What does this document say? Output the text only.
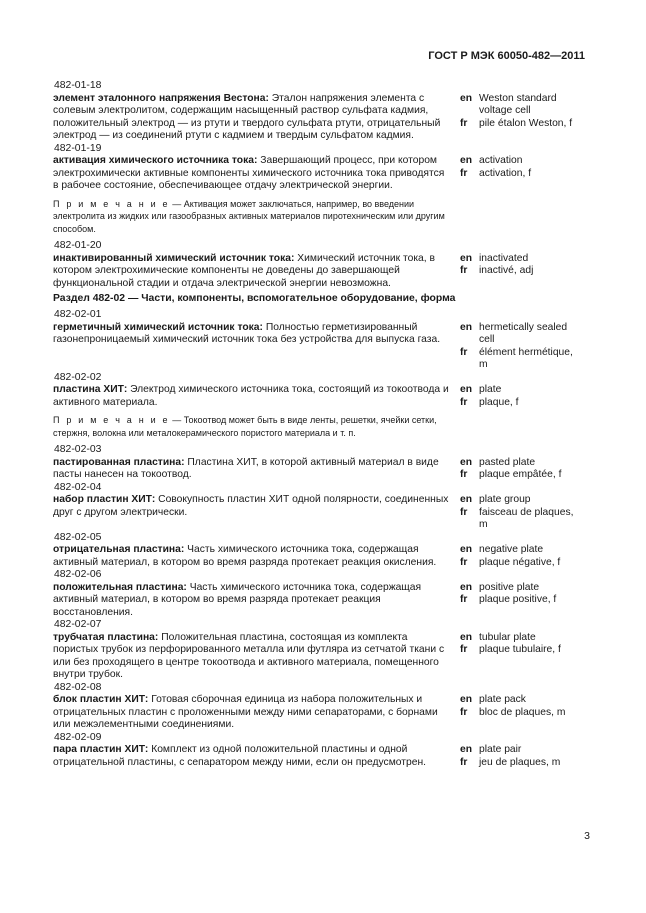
ГОСТ Р МЭК 60050-482—2011
482-01-18
элемент эталонного напряжения Вестона: Эталон напряжения элемента с солевым электролитом, содержащим насыщенный раствор сульфата кадмия, положительный электрод — из ртути и твердого сульфата ртути, отрицательный электрод — из соединений ртути с кадмием и твердым сульфатом кадмия.
en Weston standard voltage cell
fr	pile étalon Weston, f
482-01-19
активация химического источника тока: Завершающий процесс, при котором электрохимически активные компоненты химического источника тока приводятся в рабочее состояние, обеспечивающее отдачу электрической энергии.
en activation
fr	activation, f
П р и м е ч а н и е — Активация может заключаться, например, во введении электролита из жидких или газообразных активных материалов пиротехническим или другим способом.
482-01-20
инактивированный химический источник тока: Химический источник тока, в котором электрохимические компоненты не доведены до завершающей функциональной стадии и отдача электрической энергии невозможна.
en inactivated
fr	inactivé, adj
Раздел 482-02 — Части, компоненты, вспомогательное оборудование, форма
482-02-01
герметичный химический источник тока: Полностью герметизированный газонепроницаемый химический источник тока без устройства для выпуска газа.
en hermetically sealed cell
fr	élément hermétique, m
482-02-02
пластина ХИТ: Электрод химического источника тока, состоящий из токоотвода и активного материала.
en plate
fr	plaque, f
П р и м е ч а н и е — Токоотвод может быть в виде ленты, решетки, ячейки сетки, стержня, волокна или металокерамического пористого материала и т. п.
482-02-03
пастированная пластина: Пластина ХИТ, в которой активный материал в виде пасты нанесен на токоотвод.
en pasted plate
fr	plaque empâtée, f
482-02-04
набор пластин ХИТ: Совокупность пластин ХИТ одной полярности, соединенных друг с другом электрически.
en plate group
fr	faisceau de plaques, m
482-02-05
отрицательная пластина: Часть химического источника тока, содержащая активный материал, в котором во время разряда протекает реакция окисления.
en negative plate
fr	plaque négative, f
482-02-06
положительная пластина: Часть химического источника тока, содержащая активный материал, в котором во время разряда протекает реакция восстановления.
en positive plate
fr	plaque positive, f
482-02-07
трубчатая пластина: Положительная пластина, состоящая из комплекта пористых трубок из перфорированного металла или футляра из сетчатой ткани с или без проходящего в центре токоотвода и активного материала, помещенного внутри трубок.
en tubular plate
fr	plaque tubulaire, f
482-02-08
блок пластин ХИТ: Готовая сборочная единица из набора положительных и отрицательных пластин с проложенными между ними сепараторами, с борнами или межэлементными соединениями.
en plate pack
fr	bloc de plaques, m
482-02-09
пара пластин ХИТ: Комплект из одной положительной пластины и одной отрицательной пластины, с сепаратором между ними, если он предусмотрен.
en plate pair
fr	jeu de plaques, m
3
